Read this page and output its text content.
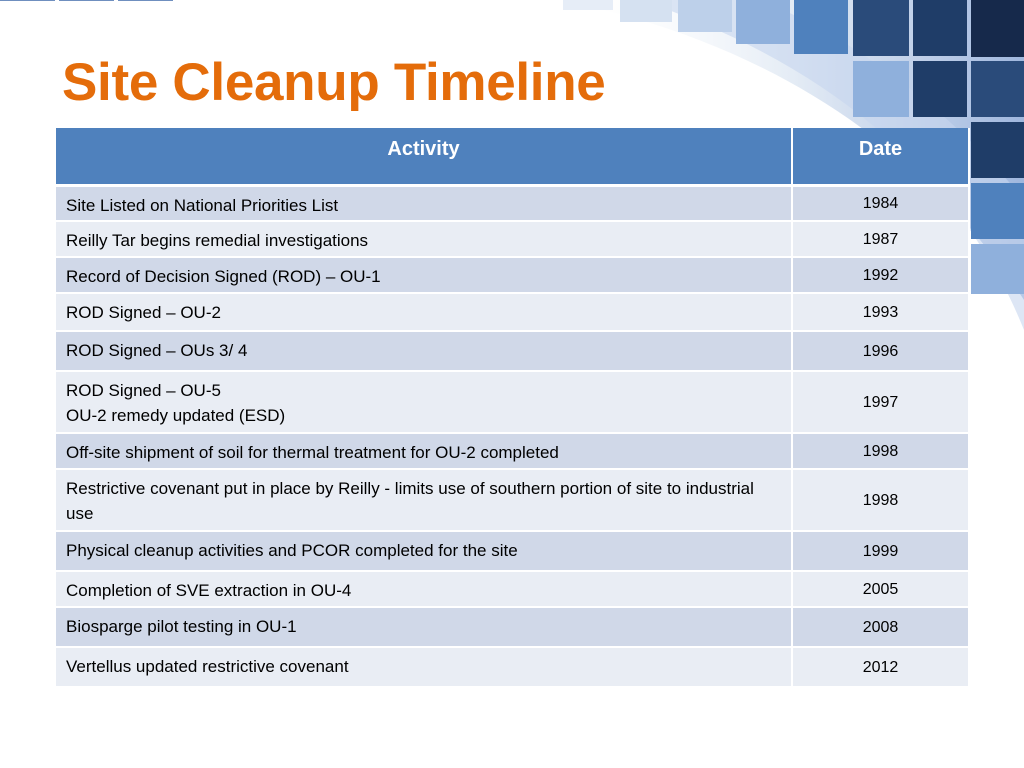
Site Cleanup Timeline
Activity	Date
Site Listed on National Priorities List	1984
Reilly Tar begins remedial investigations	1987
Record of Decision Signed (ROD) – OU-1	1992
ROD Signed – OU-2	1993
ROD Signed – OUs 3/ 4	1996

ROD Signed – OU-5
OU-2 remedy updated (ESD)	1997
Off-site shipment of soil for thermal treatment for OU-2 completed	1998
Restrictive covenant put in place by Reilly - limits use of southern portion of site to industrial use	1998
Physical cleanup activities and PCOR completed for the site	1999
Completion of SVE extraction in OU-4	2005
Biosparge pilot testing in OU-1	2008
Vertellus updated restrictive covenant	2012
